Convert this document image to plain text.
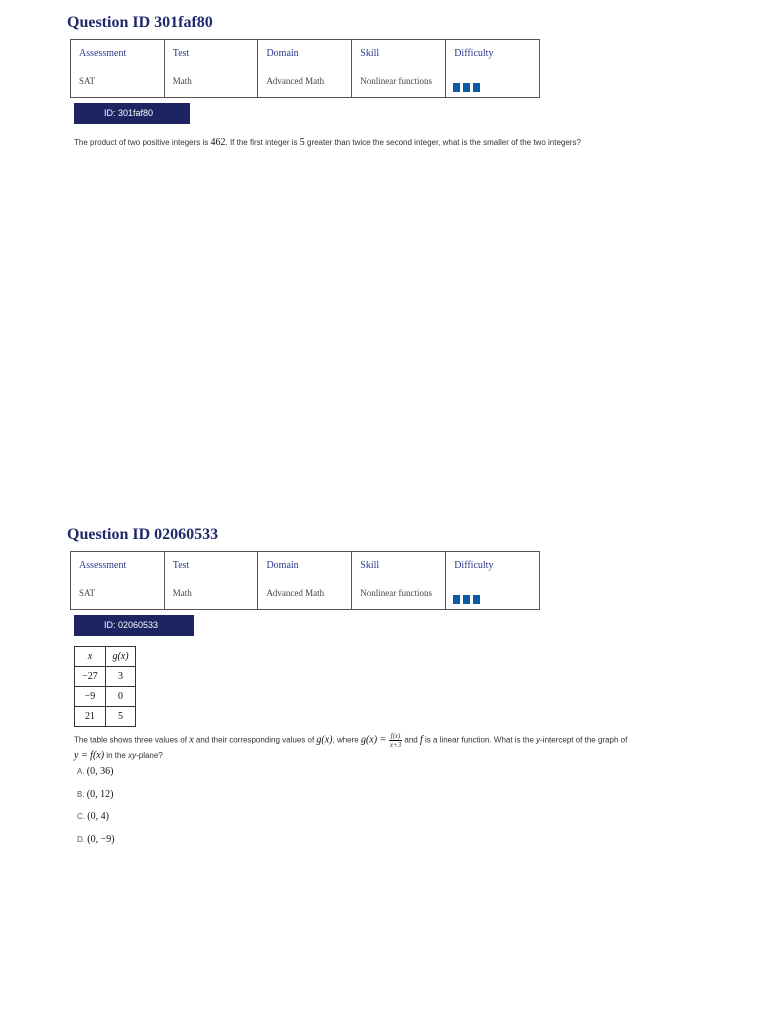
Question ID 301faf80
Assessment
SAT

Test
Math

Domain
Advanced Math

Skill
Nonlinear functions

Difficulty
ID: 301faf80

The product of two positive integers is 462. If the first integer is 5 greater than twice the second integer, what is the smaller of the two integers?

Question ID 02060533
Assessment
SAT

Test
Math

Domain
Advanced Math

Skill
Nonlinear functions

Difficulty
ID: 02060533
x	g(x)
−27	3
−9	0
21	5

The table shows three values of x and their corresponding values of g(x), where $g(x) = \frac{f(x)}{x+3}$ and f is a linear function. What is the y-intercept of the graph of
y = f(x) in the xy-plane?

A. (0, 36)
B. (0, 12)
C. (0, 4)
D. (0, −9)
